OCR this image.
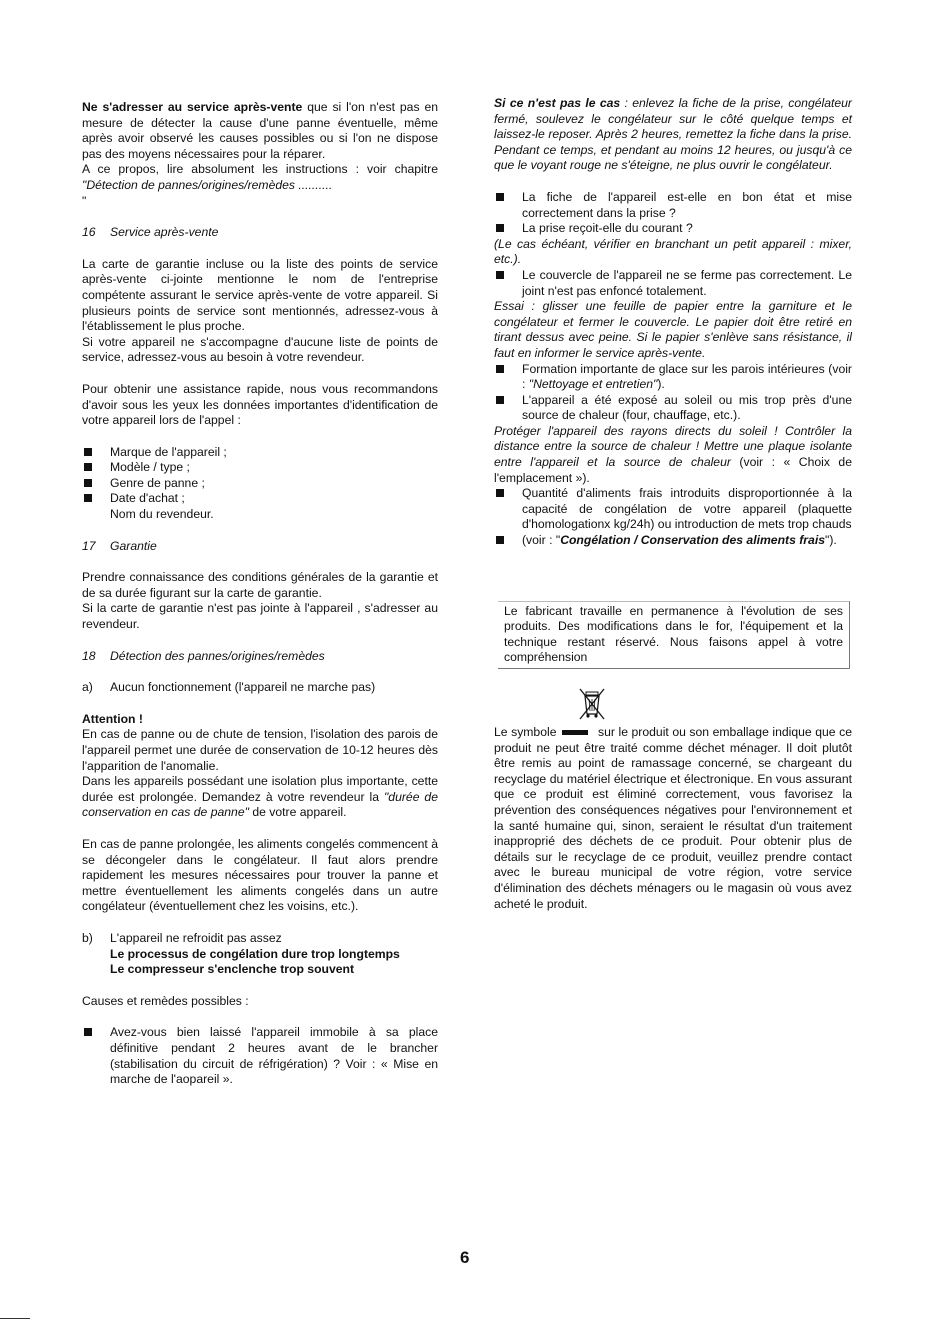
Ne s'adresser au service après-vente que si l'on n'est pas en mesure de détecter la cause d'une panne éventuelle, même après avoir observé les causes possibles ou si l'on ne dispose pas des moyens nécessaires pour la réparer.

A ce propos, lire absolument les instructions : voir chapitre "Détection de pannes/origines/remèdes ..........
"

16 Service après-vente

La carte de garantie incluse ou la liste des points de service après-vente ci-jointe mentionne le nom de l'entreprise compétente assurant le service après-vente de votre appareil. Si plusieurs points de service sont mentionnés, adressez-vous à l'établissement le plus proche.

Si votre appareil ne s'accompagne d'aucune liste de points de service, adressez-vous au besoin à votre revendeur.

Pour obtenir une assistance rapide, nous vous recommandons d'avoir sous les yeux les données importantes d'identification de votre appareil lors de l'appel :

Marque de l'appareil ;
Modèle / type ;
Genre de panne ;
Date d'achat ;
Nom du revendeur.

17 Garantie

Prendre connaissance des conditions générales de la garantie et de sa durée figurant sur la carte de garantie.

Si la carte de garantie n'est pas jointe à l'appareil , s'adresser au revendeur.

18 Détection des pannes/origines/remèdes

a)	Aucun fonctionnement (l'appareil ne marche pas)

Attention !

En cas de panne ou de chute de tension, l'isolation des parois de l'appareil permet une durée de conservation de 10-12 heures dès l'apparition de l'anomalie.

Dans les appareils possédant une isolation plus importante, cette durée est prolongée. Demandez à votre revendeur la "durée de conservation en cas de panne" de votre appareil.

En cas de panne prolongée, les aliments congelés commencent à se décongeler dans le congélateur. Il faut alors prendre rapidement les mesures nécessaires pour trouver la panne et mettre éventuellement les aliments congelés dans un autre congélateur (éventuellement chez les voisins, etc.).

b)	L'appareil ne refroidit pas assez
Le processus de congélation dure trop longtemps
Le compresseur s'enclenche trop souvent

Causes et remèdes possibles :

Avez-vous bien laissé l'appareil immobile à sa place définitive pendant 2 heures avant de le brancher (stabilisation du circuit de réfrigération) ? Voir : « Mise en marche de l'aopareil ».

Si ce n'est pas le cas : enlevez la fiche de la prise, congélateur fermé, soulevez le congélateur sur le côté quelque temps et laissez-le reposer. Après 2 heures, remettez la fiche dans la prise. Pendant ce temps, et pendant au moins 12 heures, ou jusqu'à ce que le voyant rouge ne s'éteigne, ne plus ouvrir le congélateur.

La fiche de l'appareil est-elle en bon état et mise correctement dans la prise ?
La prise reçoit-elle du courant ?
(Le cas échéant, vérifier en branchant un petit appareil : mixer, etc.).
Le couvercle de l'appareil ne se ferme pas correctement. Le joint n'est pas enfoncé totalement.
Essai : glisser une feuille de papier entre la garniture et le congélateur et fermer le couvercle. Le papier doit être retiré en tirant dessus avec peine. Si le papier s'enlève sans résistance, il faut en informer le service après-vente.
Formation importante de glace sur les parois intérieures (voir : "Nettoyage et entretien").
L'appareil a été exposé au soleil ou mis trop près d'une source de chaleur (four, chauffage, etc.).
Protéger l'appareil des rayons directs du soleil ! Contrôler la distance entre la source de chaleur ! Mettre une plaque isolante entre l'appareil et la source de chaleur (voir : « Choix de l'emplacement »).
Quantité d'aliments frais introduits disproportionnée à la capacité de congélation de votre appareil (plaquette d'homologationx kg/24h) ou introduction de mets trop chauds
(voir : "Congélation / Conservation des aliments frais").

Le fabricant travaille en permanence à l'évolution de ses produits. Des modifications dans le for, l'équipement et la technique restant réservé. Nous faisons appel à votre compréhension

Le symbole	sur le produit ou son emballage indique que ce produit ne peut être traité comme déchet ménager. Il doit plutôt être remis au point de ramassage concerné, se chargeant du recyclage du matériel électrique et électronique. En vous assurant que ce produit est éliminé correctement, vous favorisez la prévention des conséquences négatives pour l'environnement et la santé humaine qui, sinon, seraient le résultat d'un traitement inapproprié des déchets de ce produit. Pour obtenir plus de détails sur le recyclage de ce produit, veuillez prendre contact avec le bureau municipal de votre région, votre service d'élimination des déchets ménagers ou le magasin où vous avez acheté le produit.

6
